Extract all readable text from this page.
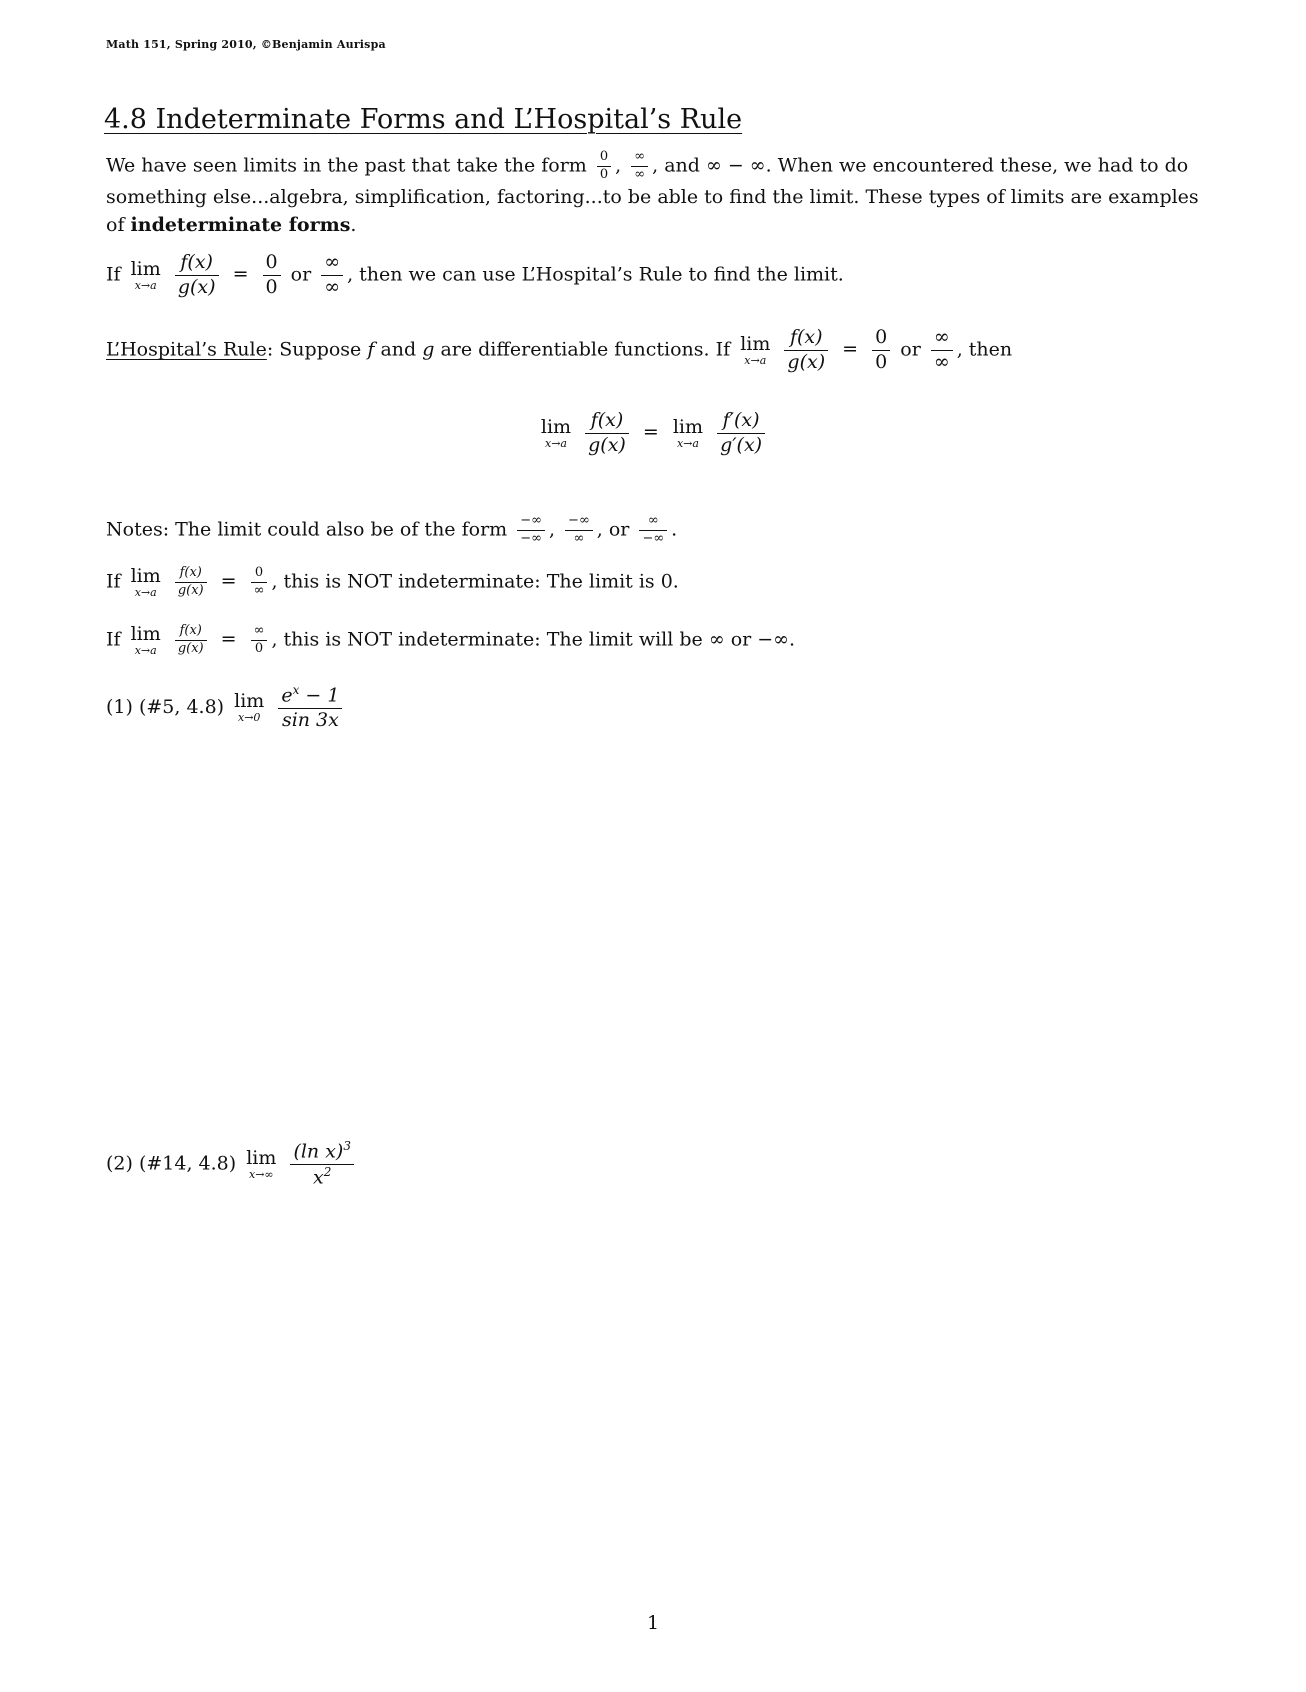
Math 151, Spring 2010, ©Benjamin Aurispa
4.8 Indeterminate Forms and L’Hospital’s Rule
We have seen limits in the past that take the form $\frac{0}{0}$ , $\frac{\infty}{\infty}$ , and ∞ − ∞. When we encountered these, we had to do something else...algebra, simplification, factoring...to be able to find the limit. These types of limits are examples of indeterminate forms.
If lim
x→a
$\frac{f(x)}{g(x)} = \frac{0}{0}$ or $\frac{\infty}{\infty}$ , then we can use L’Hospital’s Rule to find the limit.
L’Hospital’s Rule: Suppose f and g are differentiable functions. If lim
x→a
$\frac{f(x)}{g(x)} = \frac{0}{0}$ or $\frac{\infty}{\infty}$ , then
lim
x→a
$\frac{f(x)}{g(x)} = \lim$
x→a
$\frac{f'(x)}{g'(x)}$
Notes: The limit could also be of the form $\frac{-\infty}{-\infty}$ , $\frac{-\infty}{\infty}$ , or $\frac{\infty}{-\infty}$ .
If lim
x→a
	$\frac{f(x)}{g(x)} = \frac{0}{\infty}$ , this is NOT indeterminate: The limit is 0.
If lim
x→a
	$\frac{f(x)}{g(x)} = \frac{\infty}{0}$ , this is NOT indeterminate: The limit will be ∞ or −∞.
(1) (#5, 4.8) lim
x→0
$\frac{e^x - 1}{\sin 3x}$
(2) (#14, 4.8) lim
x→∞
$\frac{(\ln x)^3}{x^2}$
1
